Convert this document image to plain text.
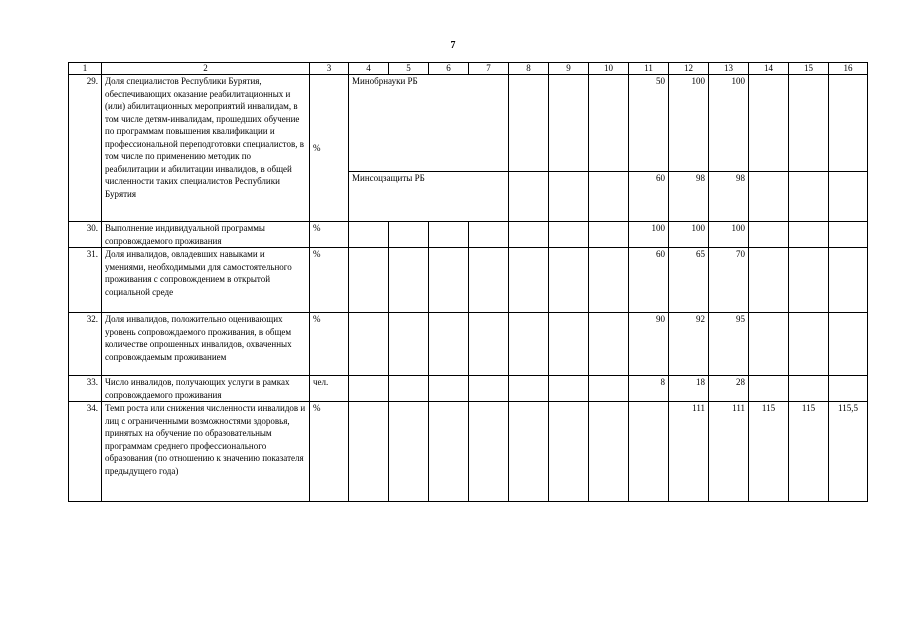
7
1	2	3	4	5	6	7	8	9	10	11	12	13	14	15	16
29.	Доля специалистов Республики Бурятия, обеспечивающих оказание реабилитационных и (или) абилитационных мероприятий инвалидам, в том числе детям-инвалидам, прошедших обучение по программам повышения квалификации и профессиональной переподготовки специалистов, в том числе по применению методик по реабилитации и абилитации инвалидов, в общей численности таких специалистов Республики Бурятия	%	Минобрнауки РБ							50	100	100			
			Минсоцзащиты РБ							60	98	98			
30.	Выполнение индивидуальной программы сопровождаемого проживания	%								100	100	100			
31.	Доля инвалидов, овладевших навыками и умениями, необходимыми для самостоятельного проживания с сопровождением в открытой социальной среде	%								60	65	70			
32.	Доля инвалидов, положительно оценивающих уровень сопровождаемого проживания, в общем количестве опрошенных инвалидов, охваченных сопровождаемым проживанием	%								90	92	95			
33.	Число инвалидов, получающих услуги в рамках сопровождаемого проживания	чел.								8	18	28			
34.	Темп роста или снижения численности инвалидов и лиц с ограниченными возможностями здоровья, принятых на обучение по образовательным программам среднего профессионального образования (по отношению к значению показателя предыдущего года)	%									111	111	115	115	115,5
